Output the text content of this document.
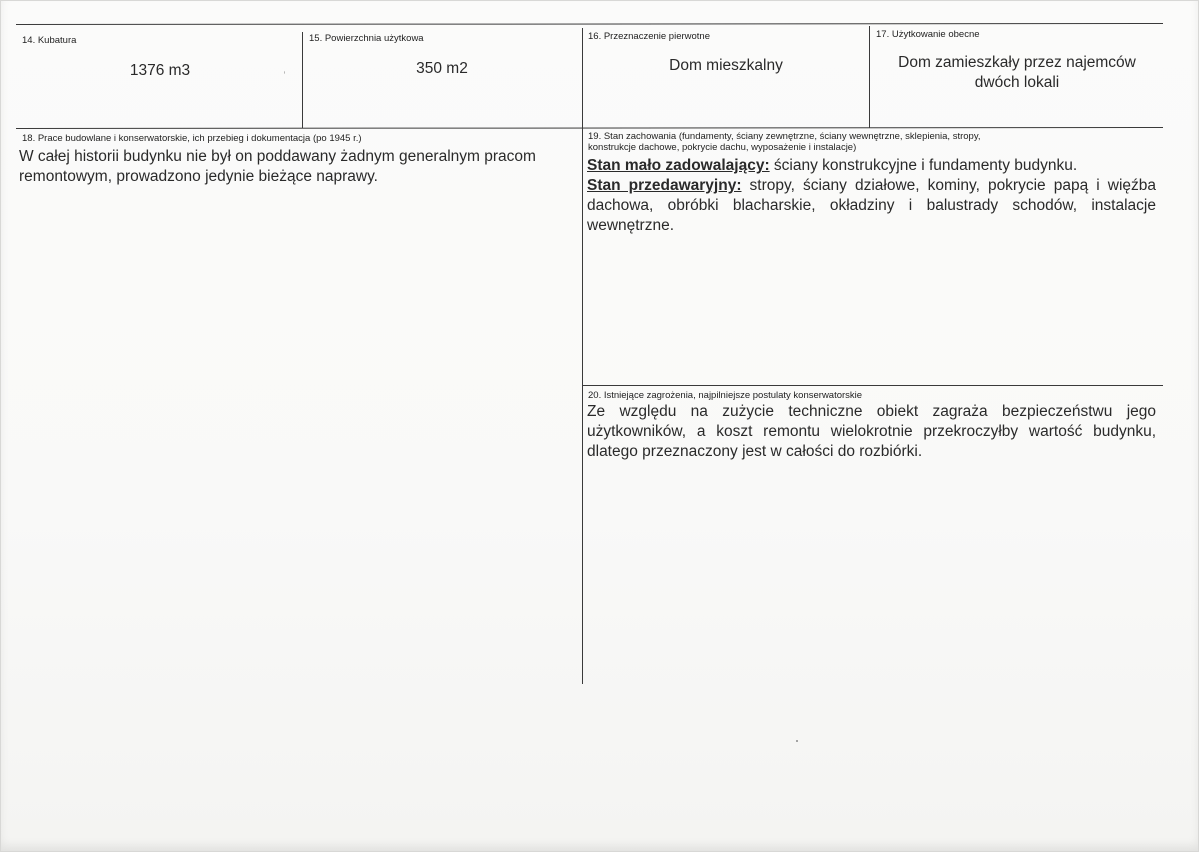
14. Kubatura
1376 m3
15. Powierzchnia użytkowa
350 m2
16. Przeznaczenie pierwotne
Dom mieszkalny
17. Użytkowanie obecne
Dom zamieszkały przez najemców dwóch lokali
18. Prace budowlane i konserwatorskie, ich przebieg i dokumentacja (po 1945 r.)
W całej historii budynku nie był on poddawany żadnym generalnym pracom remontowym, prowadzono jedynie bieżące naprawy.
19. Stan zachowania (fundamenty, ściany zewnętrzne, ściany wewnętrzne, sklepienia, stropy,
konstrukcje dachowe, pokrycie dachu, wyposażenie i instalacje)
Stan mało zadowalający: ściany konstrukcyjne i fundamenty budynku.
Stan przedawaryjny: stropy, ściany działowe, kominy, pokrycie papą i więźba dachowa, obróbki blacharskie, okładziny i balustrady schodów, instalacje wewnętrzne.
20. Istniejące zagrożenia, najpilniejsze postulaty konserwatorskie
Ze względu na zużycie techniczne obiekt zagraża bezpieczeństwu jego użytkowników, a koszt remontu wielokrotnie przekroczyłby wartość budynku, dlatego przeznaczony jest w całości do rozbiórki.
